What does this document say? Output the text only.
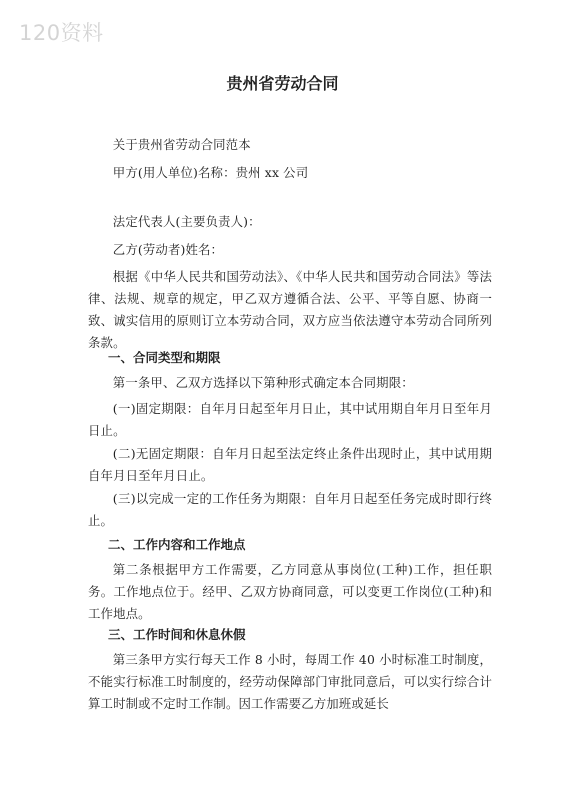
120资料
贵州省劳动合同
关于贵州省劳动合同范本
甲方(用人单位)名称：贵州 xx 公司
法定代表人(主要负责人)：
乙方(劳动者)姓名：
根据《中华人民共和国劳动法》、《中华人民共和国劳动合同法》等法律、法规、规章的规定，甲乙双方遵循合法、公平、平等自愿、协商一致、诚实信用的原则订立本劳动合同，双方应当依法遵守本劳动合同所列条款。
一、合同类型和期限
第一条甲、乙双方选择以下第种形式确定本合同期限：
(一)固定期限：自年月日起至年月日止，其中试用期自年月日至年月日止。
(二)无固定期限：自年月日起至法定终止条件出现时止，其中试用期自年月日至年月日止。
(三)以完成一定的工作任务为期限：自年月日起至任务完成时即行终止。
二、工作内容和工作地点
第二条根据甲方工作需要，乙方同意从事岗位(工种)工作，担任职务。工作地点位于。经甲、乙双方协商同意，可以变更工作岗位(工种)和工作地点。
三、工作时间和休息休假
第三条甲方实行每天工作 8 小时，每周工作 40 小时标准工时制度，不能实行标准工时制度的，经劳动保障部门审批同意后，可以实行综合计算工时制或不定时工作制。因工作需要乙方加班或延长
